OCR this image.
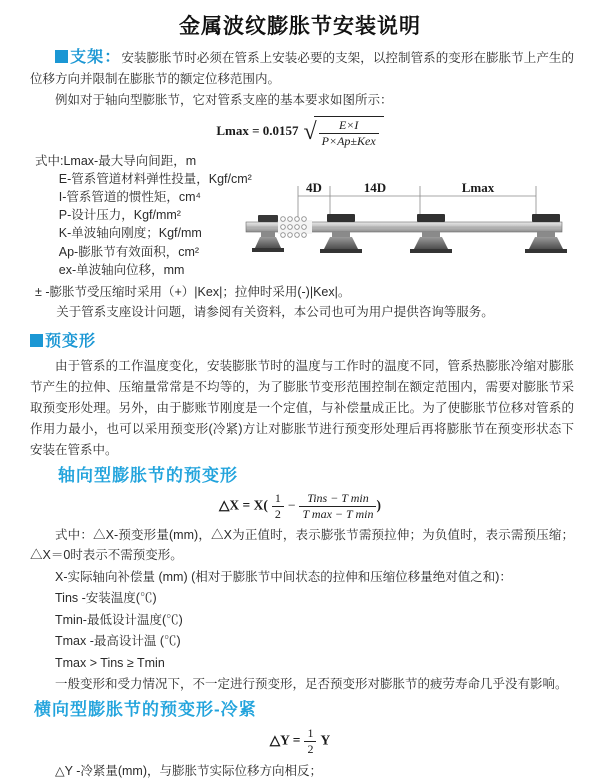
金属波纹膨胀节安装说明

支架：安装膨胀节时必须在管系上安装必要的支架，以控制管系的变形在膨胀节上产生的位移方向并限制在膨胀节的额定位移范围内。

例如对于轴向型膨胀节，它对管系支座的基本要求如图所示：

Lmax = 0.0157 √ $\frac{E\times I}{\text{P×Ap±Kex}}$
式中:Lmax-最大导向间距，m
E-管系管道材料弹性投量，Kgf/cm²
I-管系管道的惯性矩，cm⁴
P-设计压力，Kgf/mm²
K-单波轴向刚度；Kgf/mm
Ap-膨胀节有效面积，cm²
ex-单波轴向位移，mm
4D	14D	Lmax

± -膨胀节受压缩时采用（+）|Kex|；拉伸时采用(-)|Kex|。

关于管系支座设计问题，请参阅有关资料，本公司也可为用户提供咨询等服务。

预变形

由于管系的工作温度变化，安装膨胀节时的温度与工作时的温度不同，管系热膨胀冷缩对膨胀节产生的拉伸、压缩量常常是不均等的，为了膨胀节变形范围控制在额定范围内，需要对膨胀节采取预变形处理。另外，由于膨账节刚度是一个定值，与补偿量成正比。为了使膨胀节位移对管系的作用力最小，也可以采用预变形(冷紧)方让对膨胀节进行预变形处理后再将膨胀节在预变形状态下安装在管系中。

轴向型膨胀节的预变形
△X = $X( \frac{1}{2} - \frac{\text{Tins − T min}}{\text{T max − T min}}$ )

式中：△X-预变形量(mm)，△X为正值时，表示膨张节需预拉伸；为负值时，表示需预压缩；△X＝0时表示不需预变形。

X-实际轴向补偿量 (mm) (相对于膨胀节中间状态的拉伸和压缩位移量绝对值之和)：

Tins -安装温度(℃)

Tmin-最低设计温度(℃)

Tmax -最高设计温 (℃)

Tmax > Tins ≥ Tmin

一般变形和受力情况下，不一定进行预变形，足否预变形对膨胀节的疲劳寿命几乎没有影响。

横向型膨胀节的预变形-冷紧
△Y = $\frac{1}{2}$ Y

△Y -冷紧量(mm)，与膨胀节实际位移方向相反；
